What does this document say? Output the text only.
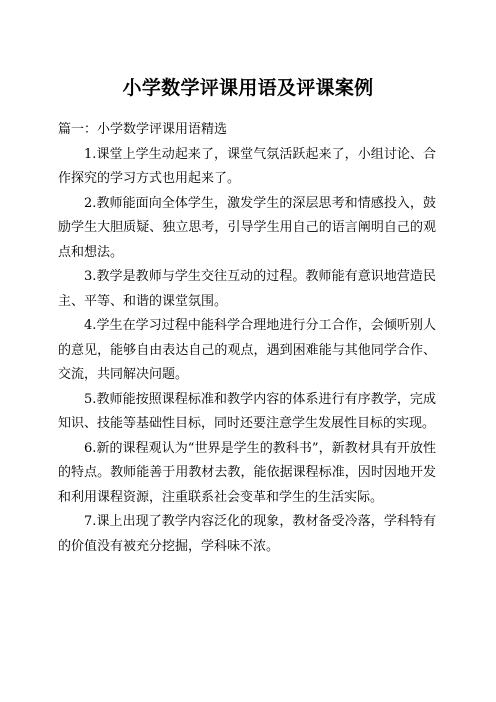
小学数学评课用语及评课案例

篇一：小学数学评课用语精选

1.课堂上学生动起来了，课堂气氛活跃起来了，小组讨论、合作探究的学习方式也用起来了。

2.教师能面向全体学生，激发学生的深层思考和情感投入，鼓励学生大胆质疑、独立思考，引导学生用自己的语言阐明自己的观点和想法。

3.教学是教师与学生交往互动的过程。教师能有意识地营造民主、平等、和谐的课堂氛围。

4.学生在学习过程中能科学合理地进行分工合作，会倾听别人的意见，能够自由表达自己的观点，遇到困难能与其他同学合作、交流，共同解决问题。

5.教师能按照课程标准和教学内容的体系进行有序教学，完成知识、技能等基础性目标，同时还要注意学生发展性目标的实现。

6.新的课程观认为“世界是学生的教科书”，新教材具有开放性的特点。教师能善于用教材去教，能依据课程标准，因时因地开发和利用课程资源，注重联系社会变革和学生的生活实际。

7.课上出现了教学内容泛化的现象，教材备受冷落，学科特有的价值没有被充分挖掘，学科味不浓。
